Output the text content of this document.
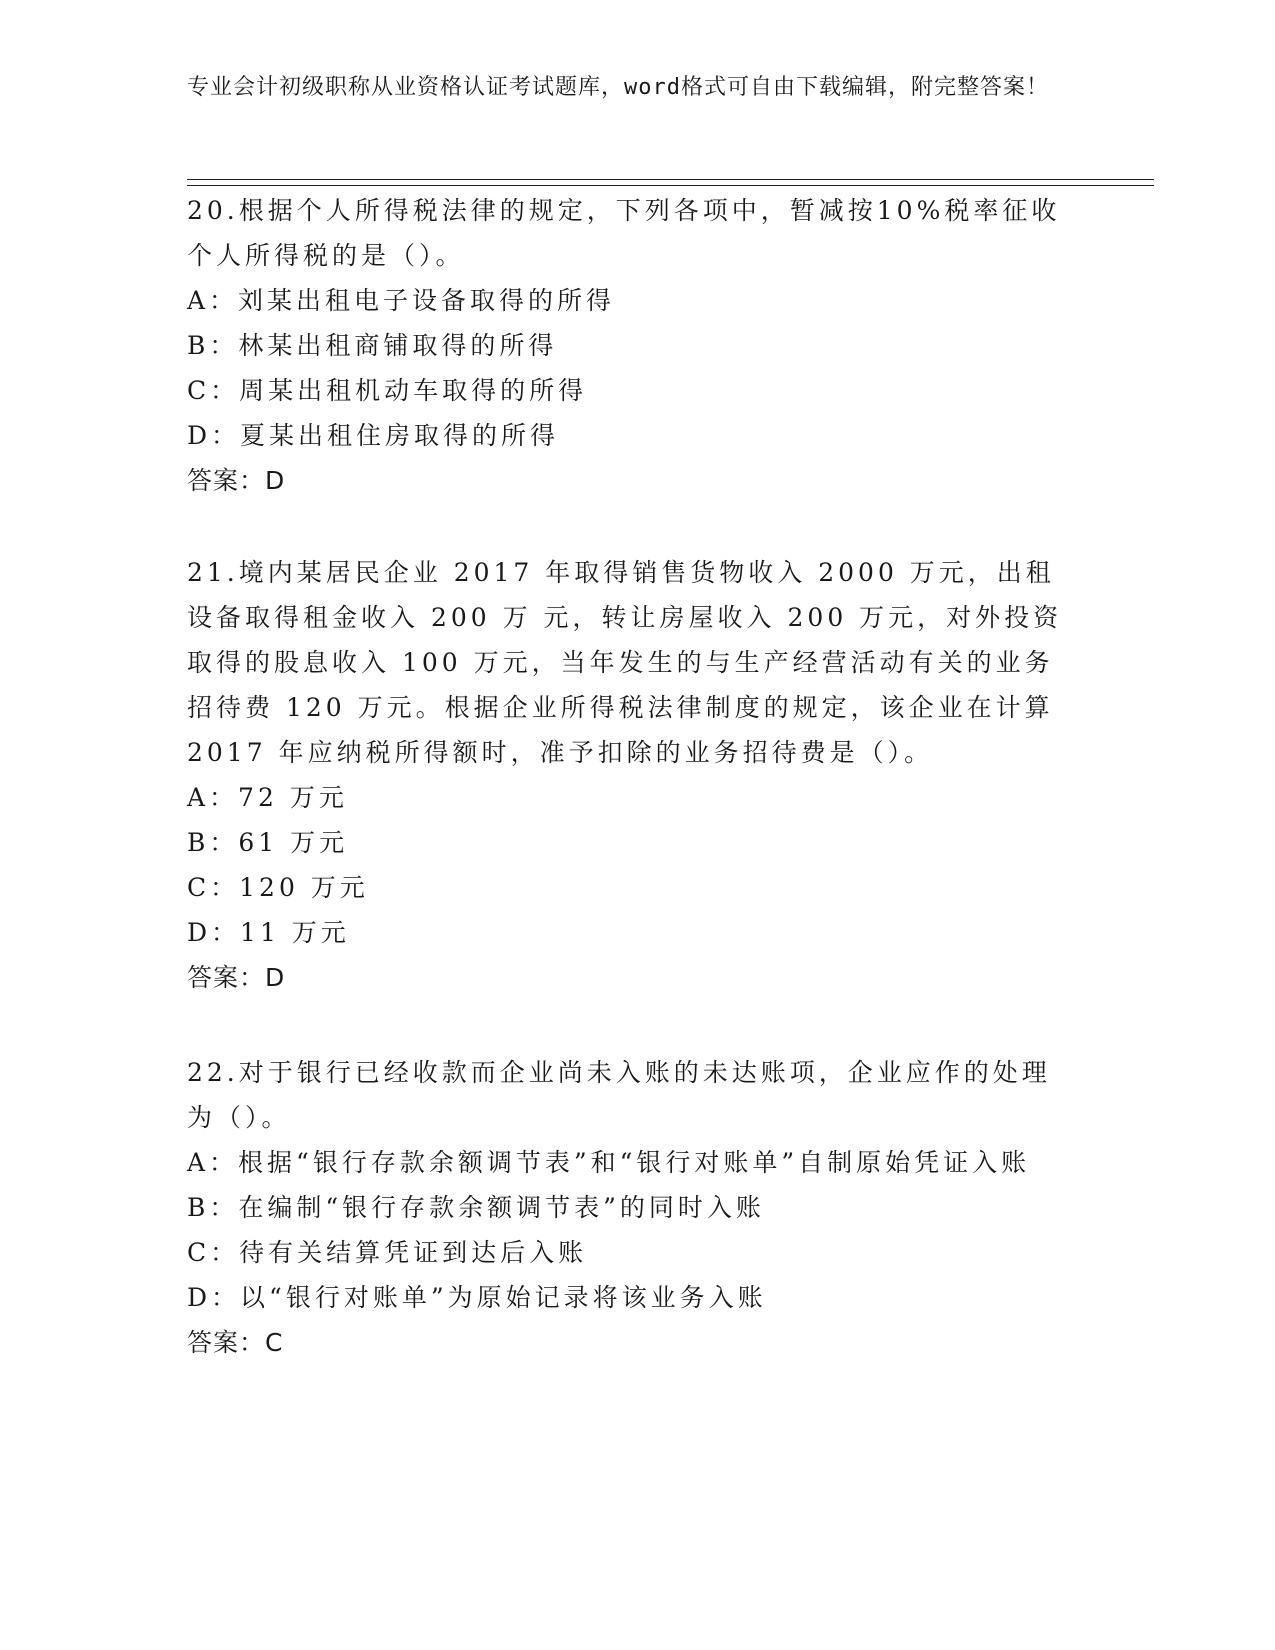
专业会计初级职称从业资格认证考试题库，word格式可自由下载编辑，附完整答案！
20.根据个人所得税法律的规定，下列各项中，暂减按10%税率征收个人所得税的是（）。
A：刘某出租电子设备取得的所得
B：林某出租商铺取得的所得
C：周某出租机动车取得的所得
D：夏某出租住房取得的所得
答案：D
21.境内某居民企业 2017 年取得销售货物收入 2000 万元，出租设备取得租金收入 200 万 元，转让房屋收入 200 万元，对外投资取得的股息收入 100 万元，当年发生的与生产经营活动有关的业务招待费 120 万元。根据企业所得税法律制度的规定，该企业在计算 2017 年应纳税所得额时，准予扣除的业务招待费是（）。
A：72 万元
B：61 万元
C：120 万元
D：11 万元
答案：D
22.对于银行已经收款而企业尚未入账的未达账项，企业应作的处理为（）。
A：根据“银行存款余额调节表”和“银行对账单”自制原始凭证入账
B：在编制“银行存款余额调节表”的同时入账
C：待有关结算凭证到达后入账
D：以“银行对账单”为原始记录将该业务入账
答案：C
